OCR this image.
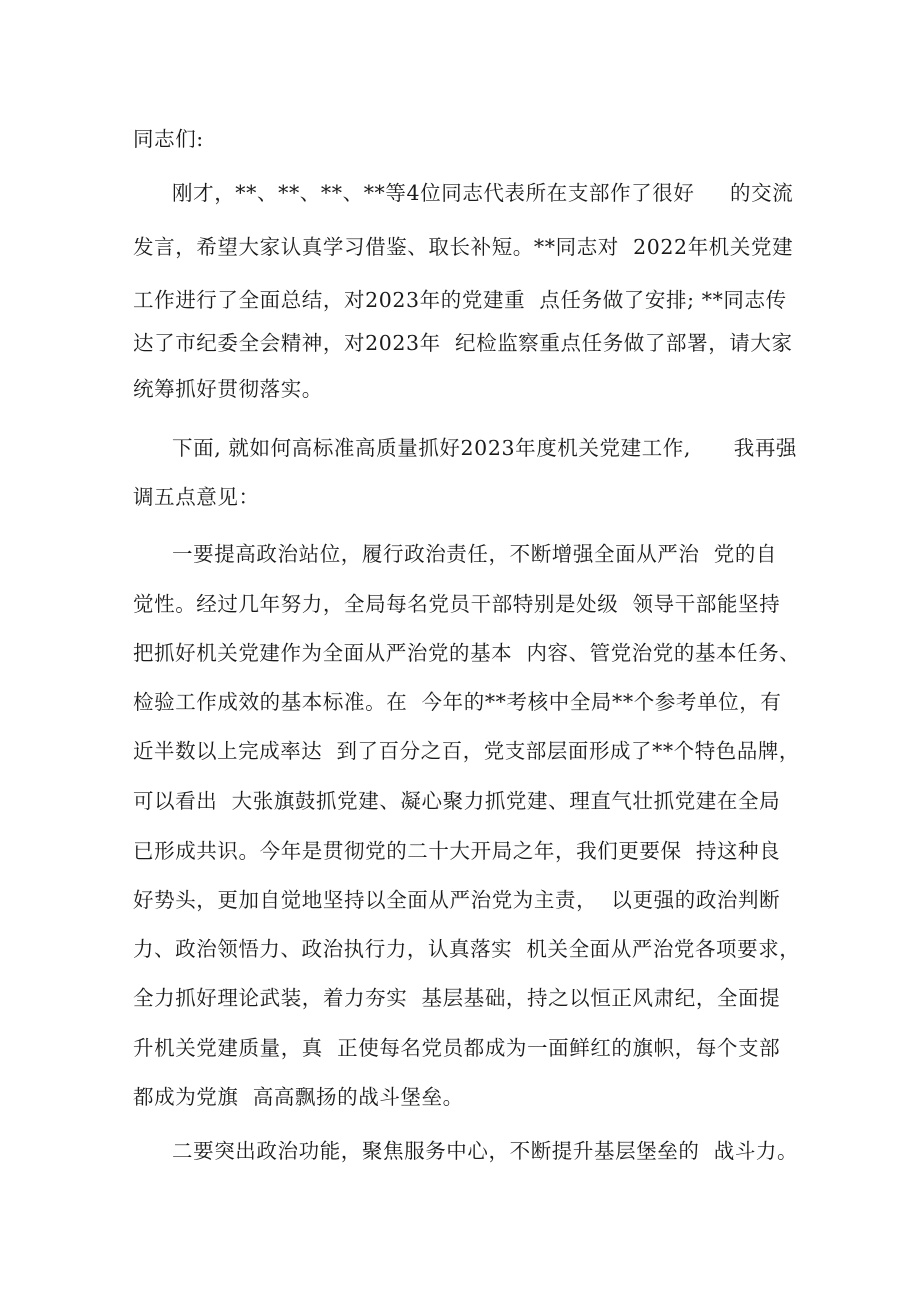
同志们:
刚才，**、**、**、**等4位同志代表所在支部作了很好     的交流
发言，希望大家认真学习借鉴、取长补短。**同志对  2022年机关党建
工作进行了全面总结，对2023年的党建重  点任务做了安排; **同志传
达了市纪委全会精神，对2023年  纪检监察重点任务做了部署，请大家
统筹抓好贯彻落实。
下面, 就如何高标准高质量抓好2023年度机关党建工作,      我再强
调五点意见：
一要提高政治站位，履行政治责任，不断增强全面从严治  党的自
觉性。经过几年努力，全局每名党员干部特别是处级  领导干部能坚持
把抓好机关党建作为全面从严治党的基本  内容、管党治党的基本任务、
检验工作成效的基本标准。在  今年的**考核中全局**个参考单位，有
近半数以上完成率达  到了百分之百，党支部层面形成了**个特色品牌，
可以看出  大张旗鼓抓党建、凝心聚力抓党建、理直气壮抓党建在全局
已形成共识。今年是贯彻党的二十大开局之年，我们更要保  持这种良
好势头，更加自觉地坚持以全面从严治党为主责，  以更强的政治判断
力、政治领悟力、政治执行力，认真落实  机关全面从严治党各项要求，
全力抓好理论武装，着力夯实  基层基础，持之以恒正风肃纪，全面提
升机关党建质量，真  正使每名党员都成为一面鲜红的旗帜，每个支部
都成为党旗  高高飘扬的战斗堡垒。
二要突出政治功能，聚焦服务中心，不断提升基层堡垒的  战斗力。
